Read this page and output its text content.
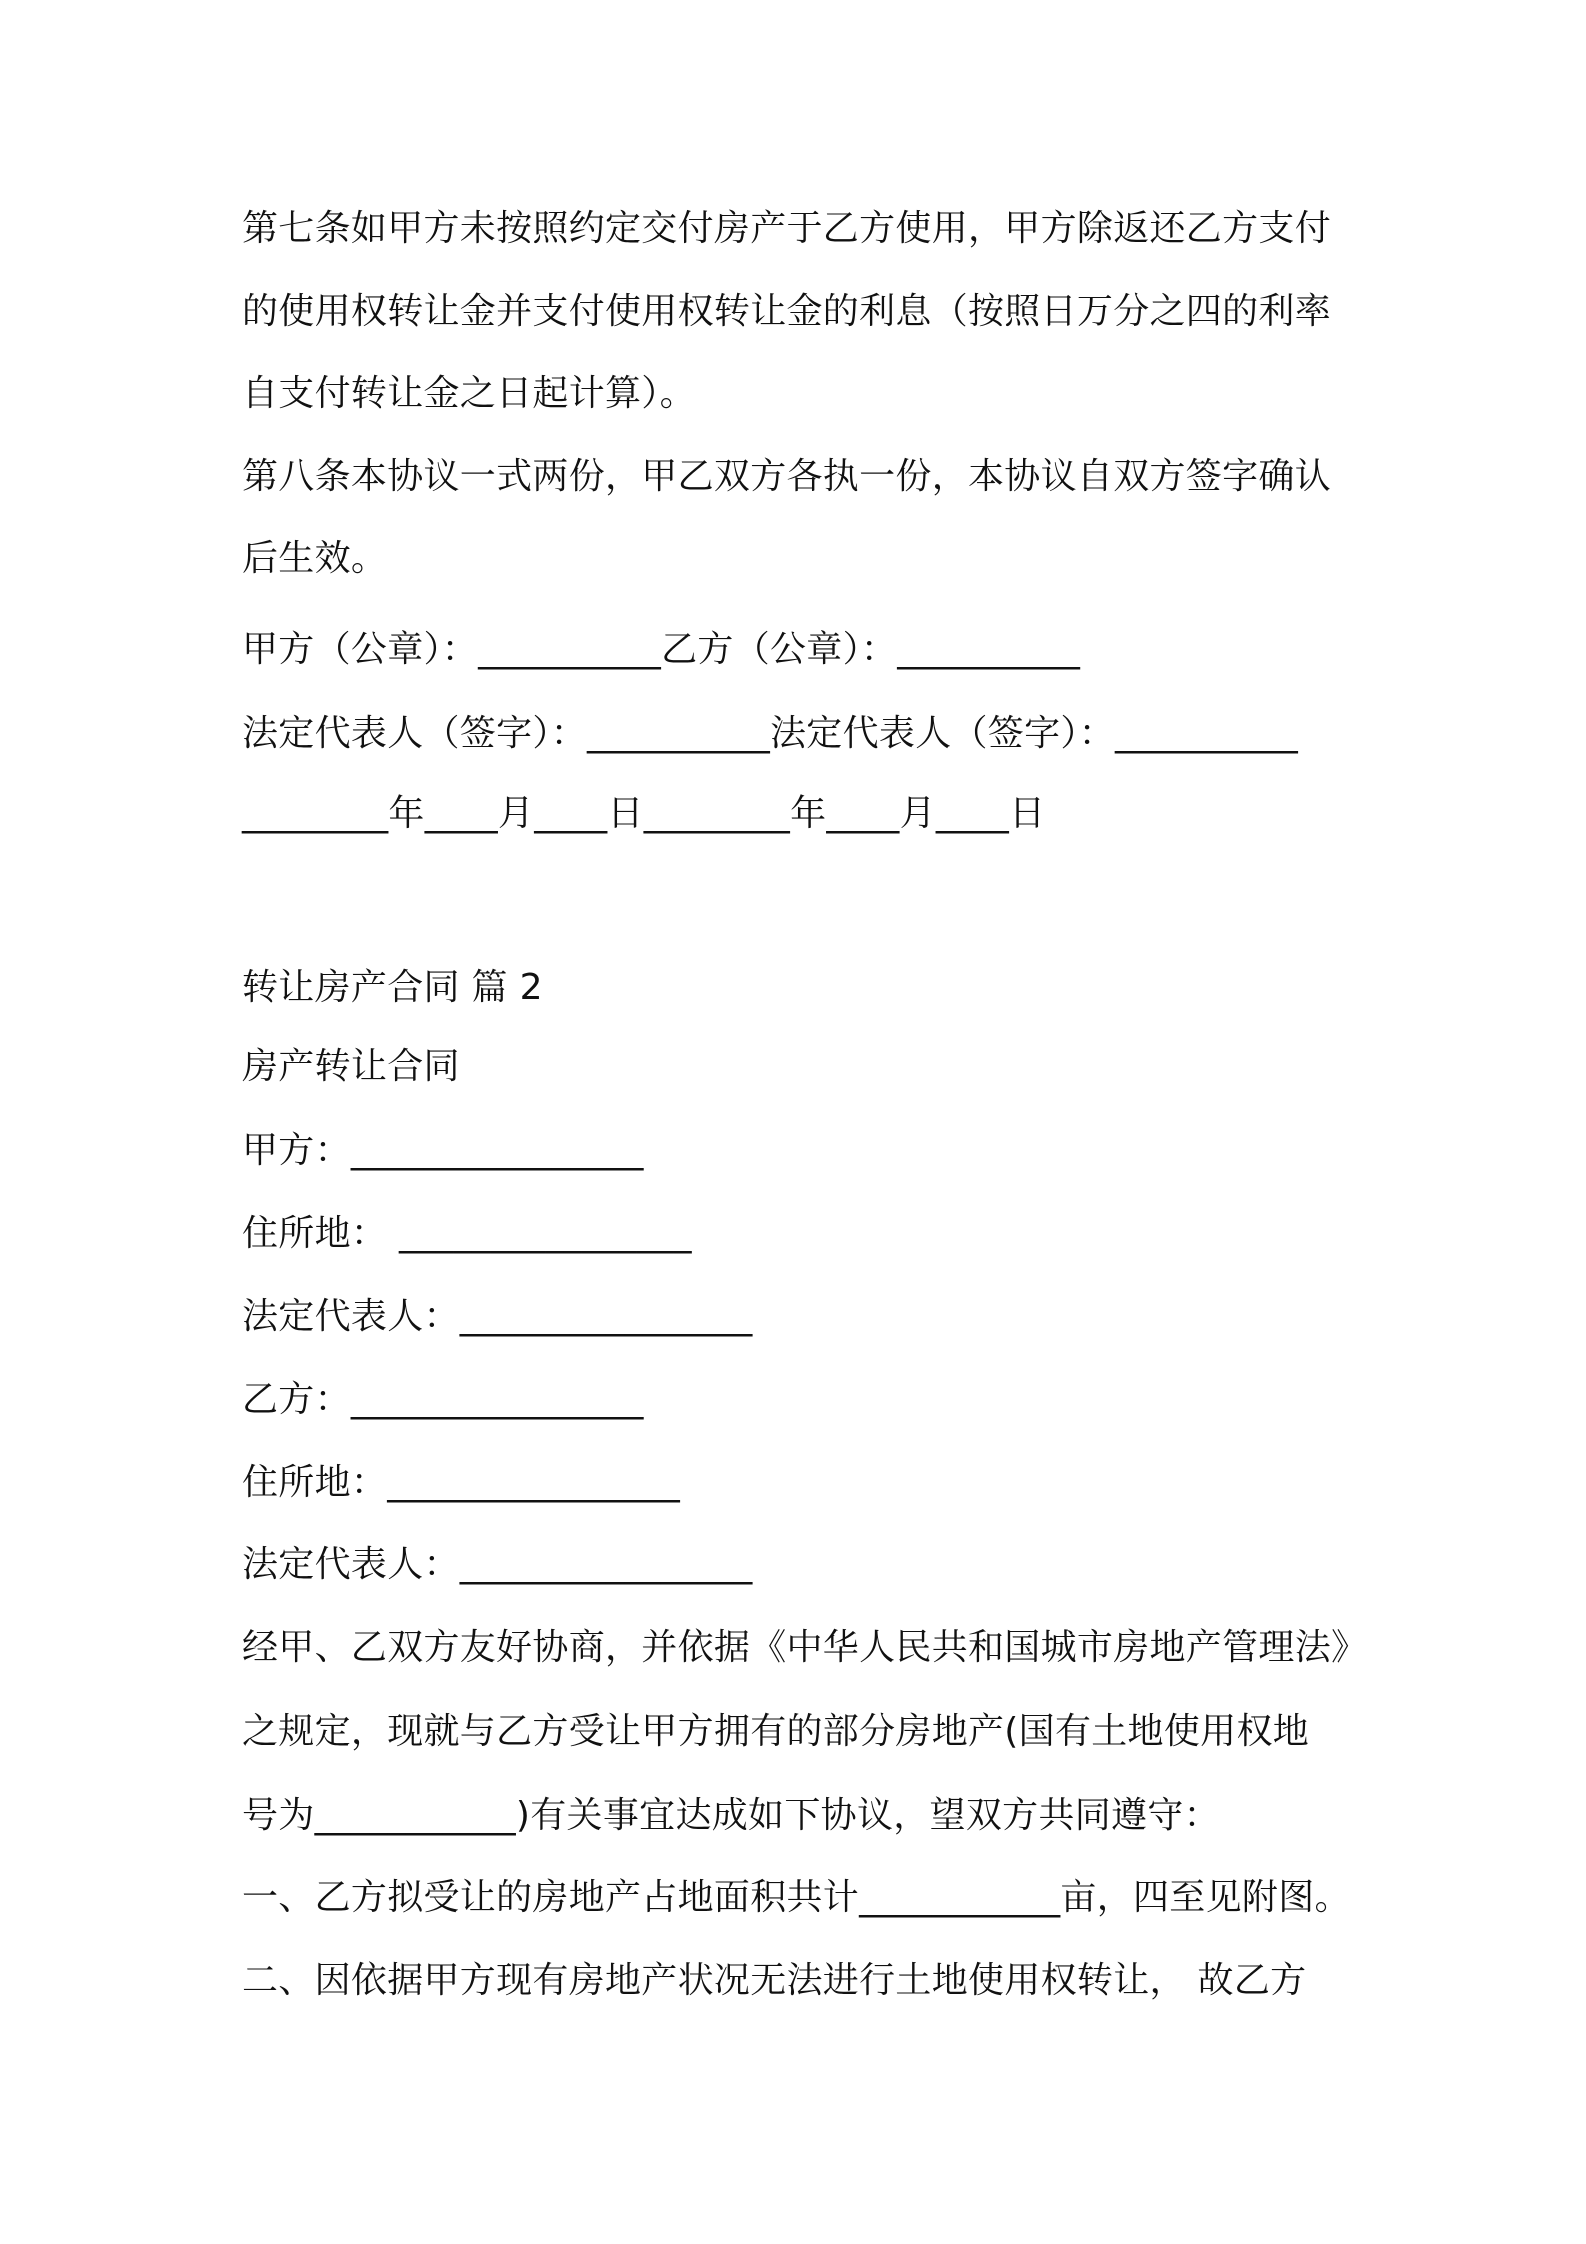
第七条如甲方未按照约定交付房产于乙方使用，甲方除返还乙方支付
的使用权转让金并支付使用权转让金的利息（按照日万分之四的利率
自支付转让金之日起计算）。
第八条本协议一式两份，甲乙双方各执一份，本协议自双方签字确认
后生效。
甲方（公章）：__________乙方（公章）：__________
法定代表人（签字）：__________法定代表人（签字）：__________
________年____月____日________年____月____日
转让房产合同 篇 2
房产转让合同
甲方：________________
住所地： ________________
法定代表人：________________
乙方：________________
住所地：________________
法定代表人：________________
经甲、乙双方友好协商，并依据《中华人民共和国城市房地产管理法》
之规定，现就与乙方受让甲方拥有的部分房地产(国有土地使用权地
号为___________)有关事宜达成如下协议，望双方共同遵守：
一、乙方拟受让的房地产占地面积共计___________亩，四至见附图。
二、因依据甲方现有房地产状况无法进行土地使用权转让， 故乙方
